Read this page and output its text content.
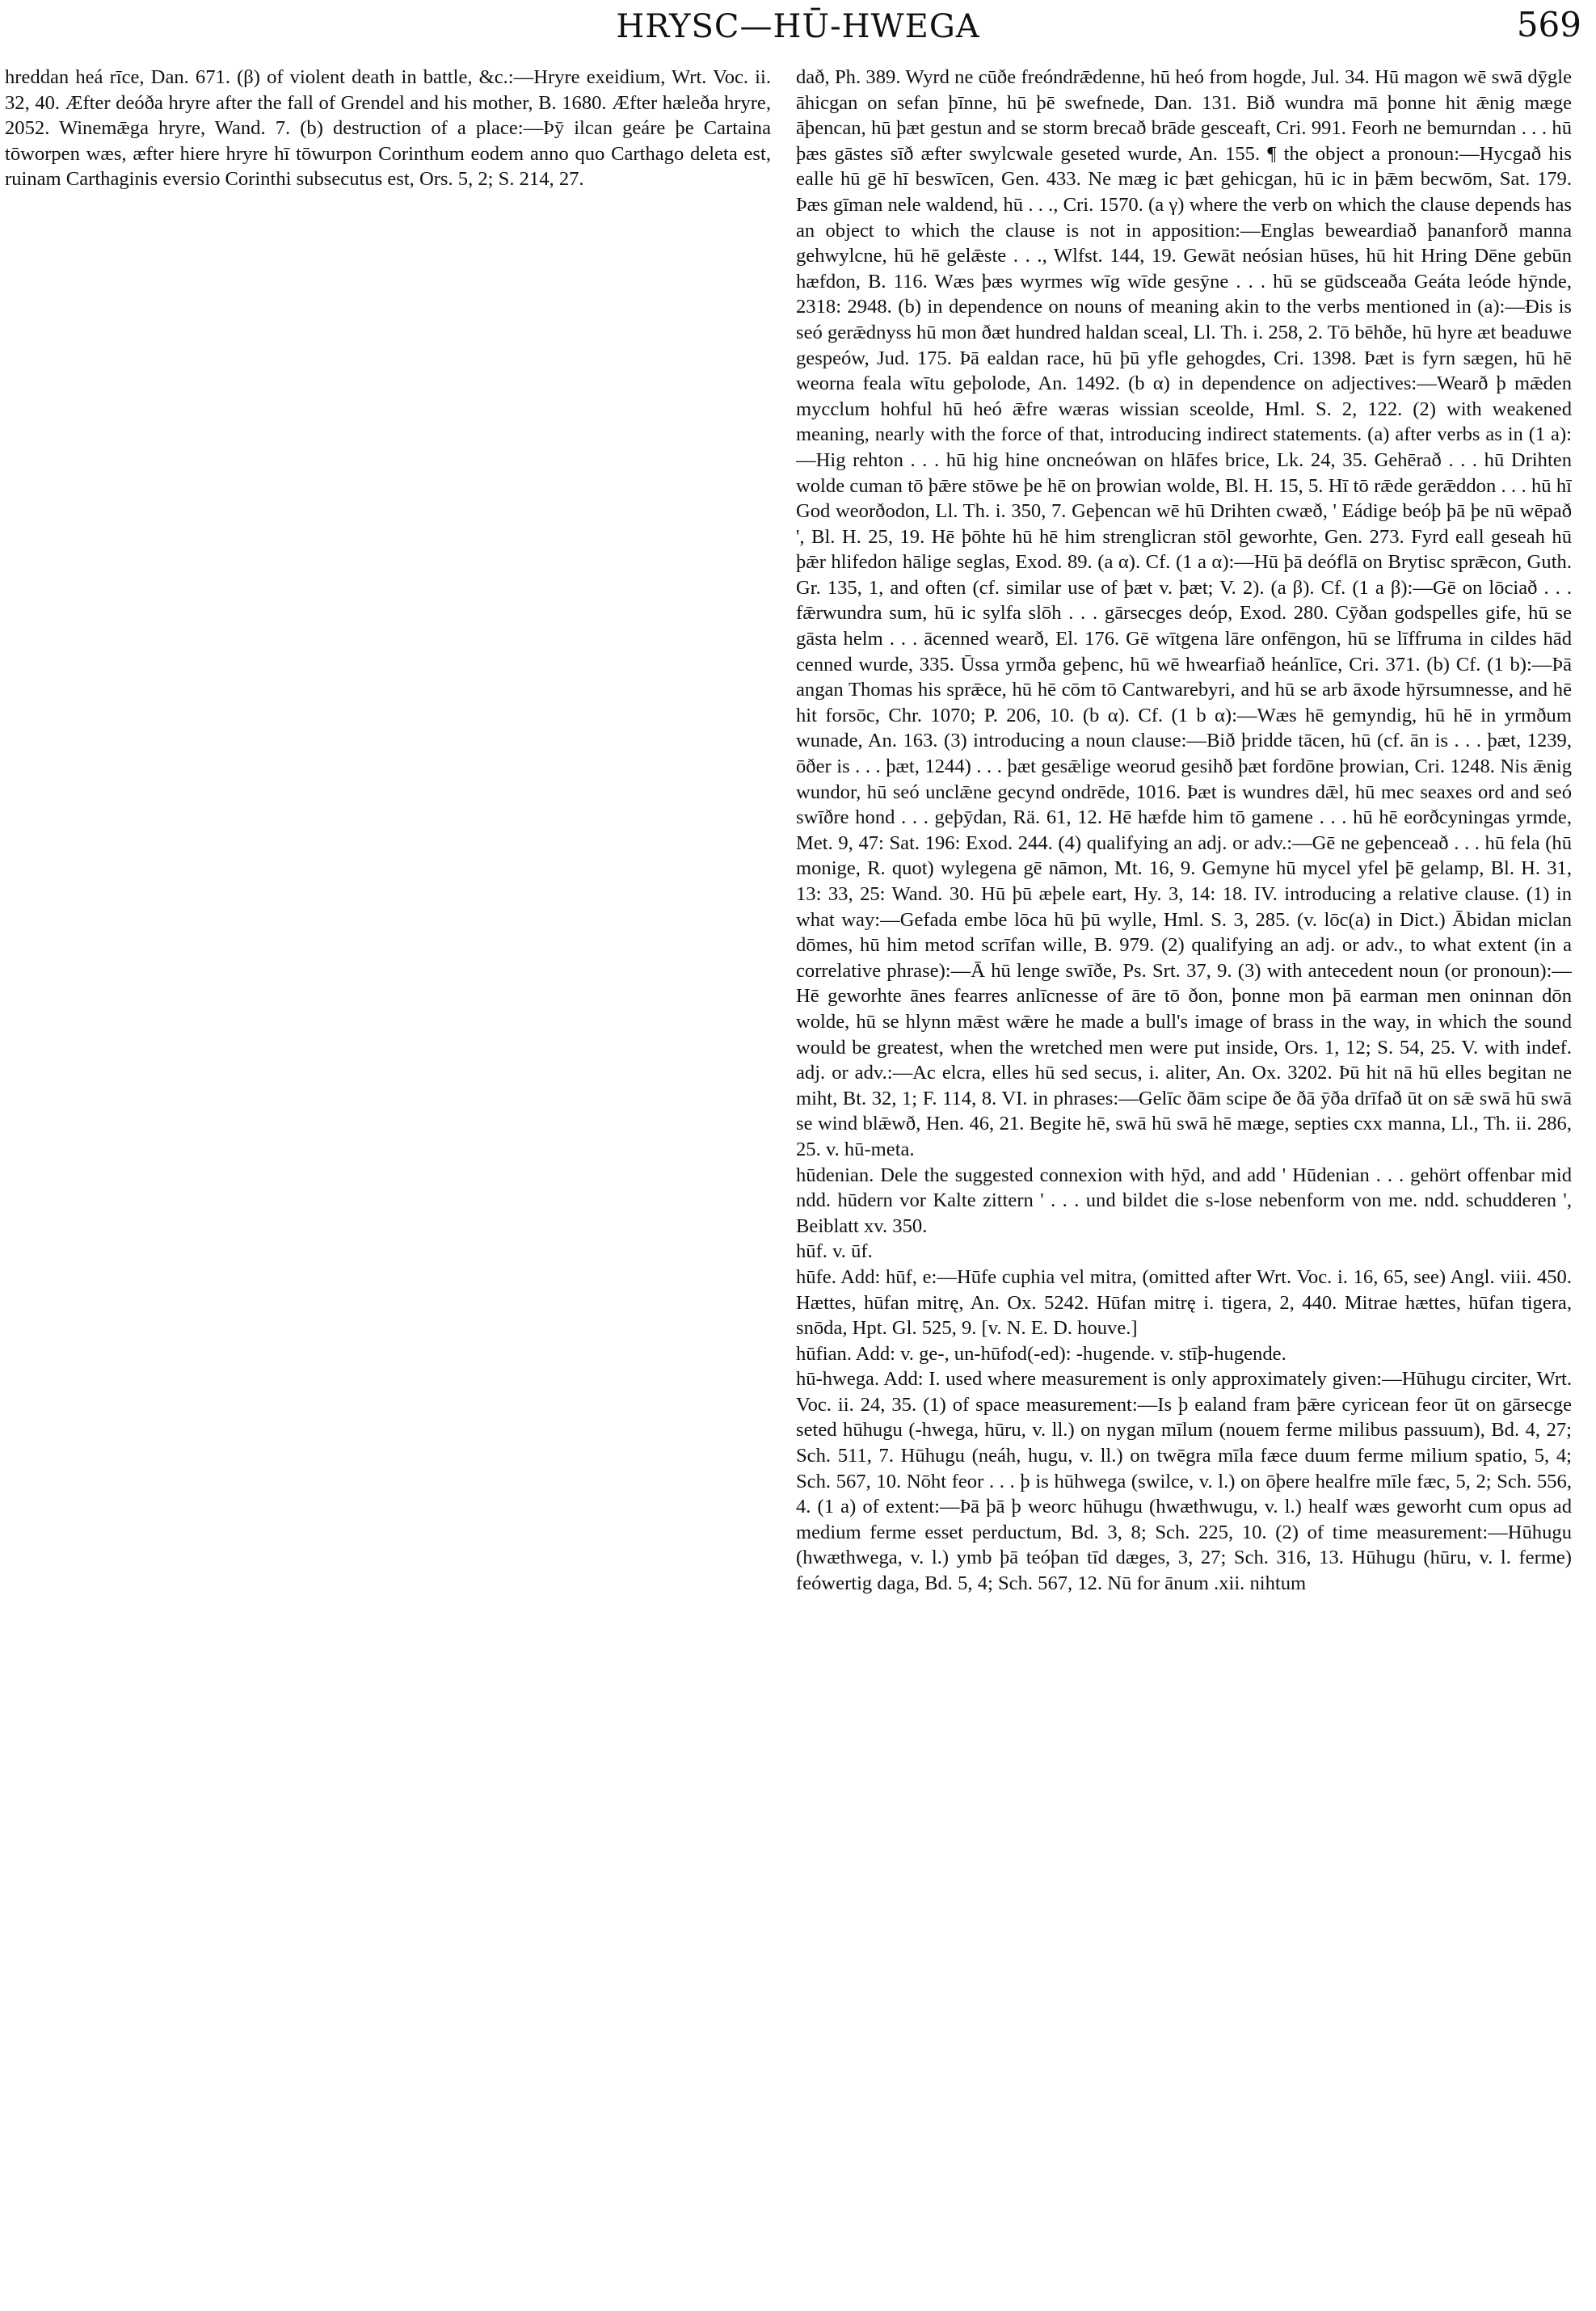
HRYSC—HŪ-HWEGA	569

hreddan heá rīce, Dan. 671. (β) of violent death in battle, &c.:—Hryre exeidium, Wrt. Voc. ii. 32, 40. Æfter deóða hryre after the fall of Grendel and his mother, B. 1680. Æfter hæleða hryre, 2052. Winemǣga hryre, Wand. 7. (b) destruction of a place:—Þȳ ilcan geáre þe Cartaina tōworpen wæs, æfter hiere hryre hī tōwurpon Corinthum eodem anno quo Carthago deleta est, ruinam Carthaginis eversio Corinthi subsecutus est, Ors. 5, 2; S. 214, 27.

dað, Ph. 389. Wyrd ne cūðe freóndrǣdenne, hū heó from hogde, Jul. 34. Hū magon wē swā dȳgle āhicgan on sefan þīnne, hū þē swefnede, Dan. 131. Bið wundra mā þonne hit ǣnig mæge āþencan, hū þæt gestun and se storm brecað brāde gesceaft, Cri. 991. Feorh ne bemurndan . . . hū þæs gāstes sīð æfter swylcwale geseted wurde, An. 155. ¶ the object a pronoun:—Hycgað his ealle hū gē hī beswīcen, Gen. 433. Ne mæg ic þæt gehicgan, hū ic in þǣm becwōm, Sat. 179. Þæs gīman nele waldend, hū . . ., Cri. 1570. (a γ) where the verb on which the clause depends has an object to which the clause is not in apposition:—Englas beweardiað þananforð manna gehwylcne, hū hē gelǣste . . ., Wlfst. 144, 19. Gewāt neósian hūses, hū hit Hring Dēne gebūn hæfdon, B. 116. Wæs þæs wyrmes wīg wīde gesȳne . . . hū se gūdsceaða Geáta leóde hȳnde, 2318: 2948. (b) in dependence on nouns of meaning akin to the verbs mentioned in (a):—Ðis is seó gerǣdnyss hū mon ðæt hundred haldan sceal, Ll. Th. i. 258, 2. Tō bēhðe, hū hyre æt beaduwe gespeów, Jud. 175. Þā ealdan race, hū þū yfle gehogdes, Cri. 1398. Þæt is fyrn sægen, hū hē weorna feala wītu geþolode, An. 1492. (b α) in dependence on adjectives:—Wearð þ mǣden mycclum hohful hū heó ǣfre wæras wissian sceolde, Hml. S. 2, 122. (2) with weakened meaning, nearly with the force of that, introducing indirect statements. (a) after verbs as in (1 a):—Hig rehton . . . hū hig hine oncneówan on hlāfes brice, Lk. 24, 35. Gehērað . . . hū Drihten wolde cuman tō þǣre stōwe þe hē on þrowian wolde, Bl. H. 15, 5. Hī tō rǣde gerǣddon . . . hū hī God weorðodon, Ll. Th. i. 350, 7. Geþencan wē hū Drihten cwæð, ' Eádige beóþ þā þe nū wēpað ', Bl. H. 25, 19. Hē þōhte hū hē him strenglicran stōl geworhte, Gen. 273. Fyrd eall geseah hū þǣr hlifedon hālige seglas, Exod. 89. (a α). Cf. (1 a α):—Hū þā deóflā on Brytisc sprǣcon, Guth. Gr. 135, 1, and often (cf. similar use of þæt v. þæt; V. 2). (a β). Cf. (1 a β):—Gē on lōciað . . . fǣrwundra sum, hū ic sylfa slōh . . . gārsecges deóp, Exod. 280. Cȳðan godspelles gife, hū se gāsta helm . . . ācenned wearð, El. 176. Gē wītgena lāre onfēngon, hū se līffruma in cildes hād cenned wurde, 335. Ūssa yrmða geþenc, hū wē hwearfiað heánlīce, Cri. 371. (b) Cf. (1 b):—Þā angan Thomas his sprǣce, hū hē cōm tō Cantwarebyri, and hū se arb āxode hȳrsumnesse, and hē hit forsōc, Chr. 1070; P. 206, 10. (b α). Cf. (1 b α):—Wæs hē gemyndig, hū hē in yrmðum wunade, An. 163. (3) introducing a noun clause:—Bið þridde tācen, hū (cf. ān is . . . þæt, 1239, ōðer is . . . þæt, 1244) . . . þæt gesǣlige weorud gesihð þæt fordōne þrowian, Cri. 1248. Nis ǣnig wundor, hū seó unclǣne gecynd ondrēde, 1016. Þæt is wundres dǣl, hū mec seaxes ord and seó swīðre hond . . . geþȳdan, Rä. 61, 12. Hē hæfde him tō gamene . . . hū hē eorðcyningas yrmde, Met. 9, 47: Sat. 196: Exod. 244. (4) qualifying an adj. or adv.:—Gē ne geþenceað . . . hū fela (hū monige, R. quot) wylegena gē nāmon, Mt. 16, 9. Gemyne hū mycel yfel þē gelamp, Bl. H. 31, 13: 33, 25: Wand. 30. Hū þū æþele eart, Hy. 3, 14: 18. IV. introducing a relative clause. (1) in what way:—Gefada embe lōca hū þū wylle, Hml. S. 3, 285. (v. lōc(a) in Dict.) Ābidan miclan dōmes, hū him metod scrīfan wille, B. 979. (2) qualifying an adj. or adv., to what extent (in a correlative phrase):—Ā hū lenge swīðe, Ps. Srt. 37, 9. (3) with antecedent noun (or pronoun):—Hē geworhte ānes fearres anlīcnesse of āre tō ðon, þonne mon þā earman men oninnan dōn wolde, hū se hlynn mǣst wǣre he made a bull's image of brass in the way, in which the sound would be greatest, when the wretched men were put inside, Ors. 1, 12; S. 54, 25. V. with indef. adj. or adv.:—Ac elcra, elles hū sed secus, i. aliter, An. Ox. 3202. Þū hit nā hū elles begitan ne miht, Bt. 32, 1; F. 114, 8. VI. in phrases:—Gelīc ðām scipe ðe ðā ȳða drīfað ūt on sǣ swā hū swā se wind blǣwð, Hen. 46, 21. Begite hē, swā hū swā hē mæge, septies cxx manna, Ll., Th. ii. 286, 25. v. hū-meta.

hūdenian. Dele the suggested connexion with hȳd, and add ' Hūdenian . . . gehört offenbar mid ndd. hūdern vor Kalte zittern ' . . . und bildet die s-lose nebenform von me. ndd. schudderen ', Beiblatt xv. 350.

hūf. v. ūf.

hūfe. Add: hūf, e:—Hūfe cuphia vel mitra, (omitted after Wrt. Voc. i. 16, 65, see) Angl. viii. 450. Hættes, hūfan mitrę, An. Ox. 5242. Hūfan mitrę i. tigera, 2, 440. Mitrae hættes, hūfan tigera, snōda, Hpt. Gl. 525, 9. [v. N. E. D. houve.]

hūfian. Add: v. ge-, un-hūfod(-ed): -hugende. v. stīþ-hugende.

hū-hwega. Add: I. used where measurement is only approximately given:—Hūhugu circiter, Wrt. Voc. ii. 24, 35. (1) of space measurement:—Is þ ealand fram þǣre cyricean feor ūt on gārsecge seted hūhugu (-hwega, hūru, v. ll.) on nygan mīlum (nouem ferme milibus passuum), Bd. 4, 27; Sch. 511, 7. Hūhugu (neáh, hugu, v. ll.) on twēgra mīla fæce duum ferme milium spatio, 5, 4; Sch. 567, 10. Nōht feor . . . þ is hūhwega (swilce, v. l.) on ōþere healfre mīle fæc, 5, 2; Sch. 556, 4. (1 a) of extent:—Þā þā þ weorc hūhugu (hwæthwugu, v. l.) healf wæs geworht cum opus ad medium ferme esset perductum, Bd. 3, 8; Sch. 225, 10. (2) of time measurement:—Hūhugu (hwæthwega, v. l.) ymb þā teóþan tīd dæges, 3, 27; Sch. 316, 13. Hūhugu (hūru, v. l. ferme) feówertig daga, Bd. 5, 4; Sch. 567, 12. Nū for ānum .xii. nihtum
